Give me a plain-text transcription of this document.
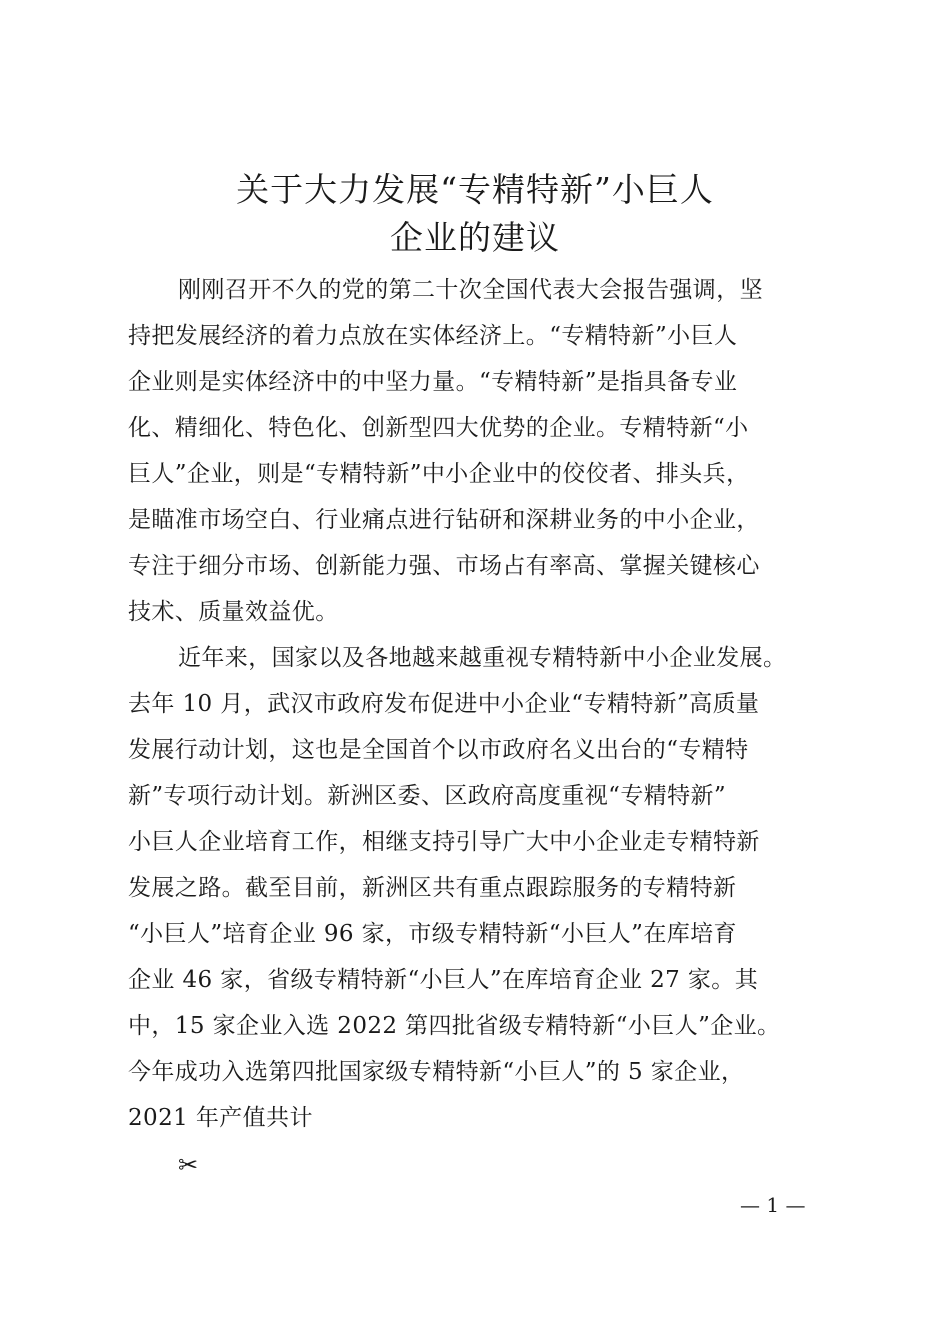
关于大力发展“专精特新”小巨人
企业的建议

刚刚召开不久的党的第二十次全国代表大会报告强调，坚

持把发展经济的着力点放在实体经济上。“专精特新”小巨人

企业则是实体经济中的中坚力量。“专精特新”是指具备专业

化、精细化、特色化、创新型四大优势的企业。专精特新“小

巨人”企业，则是“专精特新”中小企业中的佼佼者、排头兵，

是瞄准市场空白、行业痛点进行钻研和深耕业务的中小企业，

专注于细分市场、创新能力强、市场占有率高、掌握关键核心

技术、质量效益优。

近年来，国家以及各地越来越重视专精特新中小企业发展。

去年 10 月，武汉市政府发布促进中小企业“专精特新”高质量

发展行动计划，这也是全国首个以市政府名义出台的“专精特

新”专项行动计划。新洲区委、区政府高度重视“专精特新”

小巨人企业培育工作，相继支持引导广大中小企业走专精特新

发展之路。截至目前，新洲区共有重点跟踪服务的专精特新

“小巨人”培育企业 96 家，市级专精特新“小巨人”在库培育

企业 46 家，省级专精特新“小巨人”在库培育企业 27 家。其

中，15 家企业入选 2022 第四批省级专精特新“小巨人”企业。

今年成功入选第四批国家级专精特新“小巨人”的 5 家企业，

2021 年产值共计

✂
— 1 —
